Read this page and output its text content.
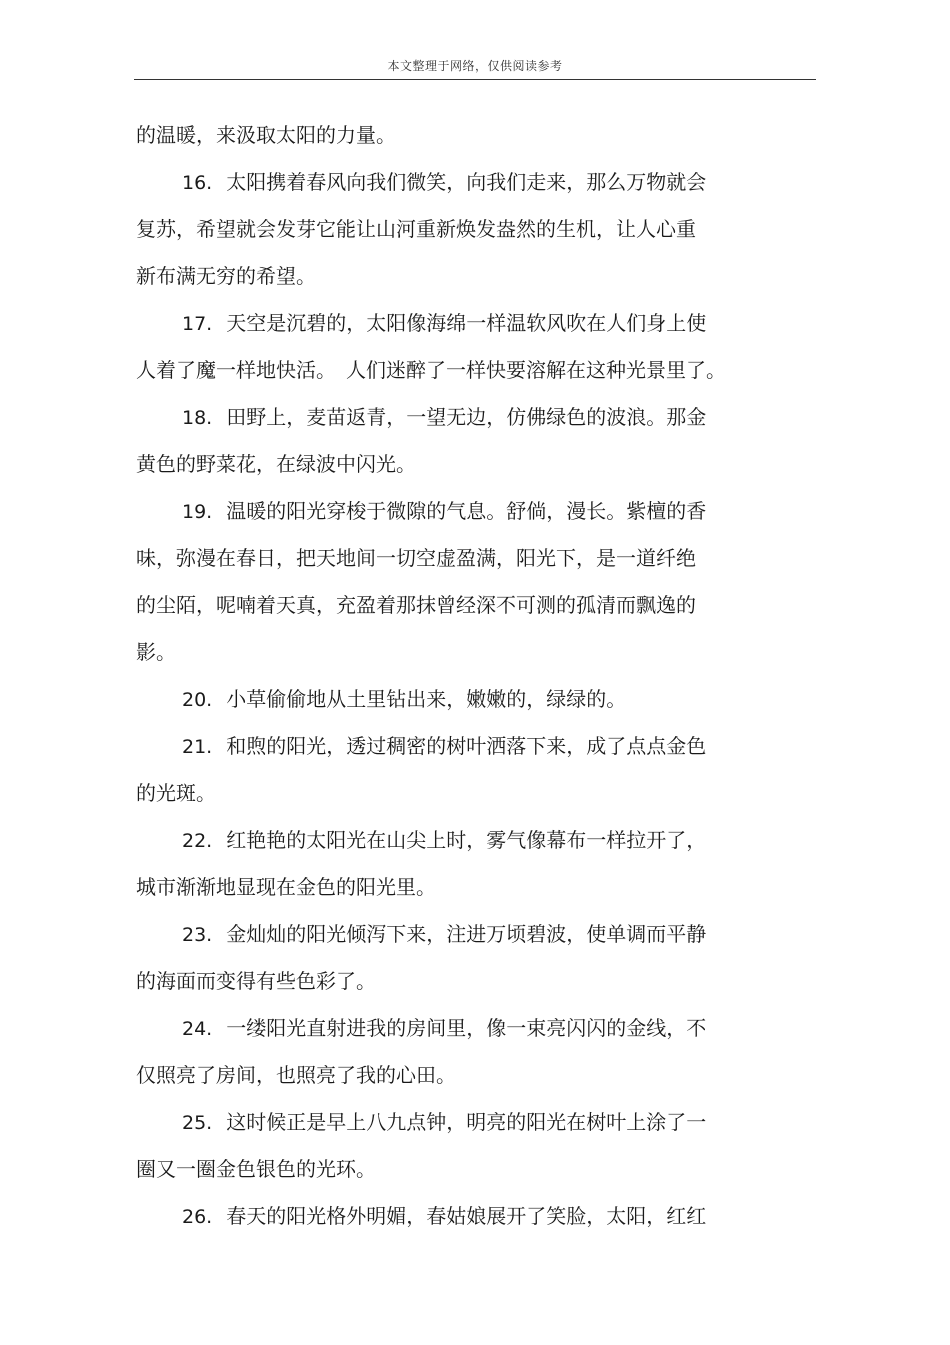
本文整理于网络，仅供阅读参考
的温暖，来汲取太阳的力量。
16. 太阳携着春风向我们微笑，向我们走来，那么万物就会
复苏，希望就会发芽它能让山河重新焕发盎然的生机，让人心重
新布满无穷的希望。
17. 天空是沉碧的，太阳像海绵一样温软风吹在人们身上使
人着了魔一样地快活。　人们迷醉了一样快要溶解在这种光景里了。
18. 田野上，麦苗返青，一望无边，仿佛绿色的波浪。那金
黄色的野菜花，在绿波中闪光。
19. 温暖的阳光穿梭于微隙的气息。舒倘，漫长。紫檀的香
味，弥漫在春日，把天地间一切空虚盈满，阳光下，是一道纤绝
的尘陌，呢喃着天真，充盈着那抹曾经深不可测的孤清而飘逸的
影。
20. 小草偷偷地从土里钻出来，嫩嫩的，绿绿的。
21. 和煦的阳光，透过稠密的树叶洒落下来，成了点点金色
的光斑。
22. 红艳艳的太阳光在山尖上时，雾气像幕布一样拉开了，
城市渐渐地显现在金色的阳光里。
23. 金灿灿的阳光倾泻下来，注进万顷碧波，使单调而平静
的海面而变得有些色彩了。
24. 一缕阳光直射进我的房间里，像一束亮闪闪的金线，不
仅照亮了房间，也照亮了我的心田。
25. 这时候正是早上八九点钟，明亮的阳光在树叶上涂了一
圈又一圈金色银色的光环。
26. 春天的阳光格外明媚，春姑娘展开了笑脸，太阳，红红
